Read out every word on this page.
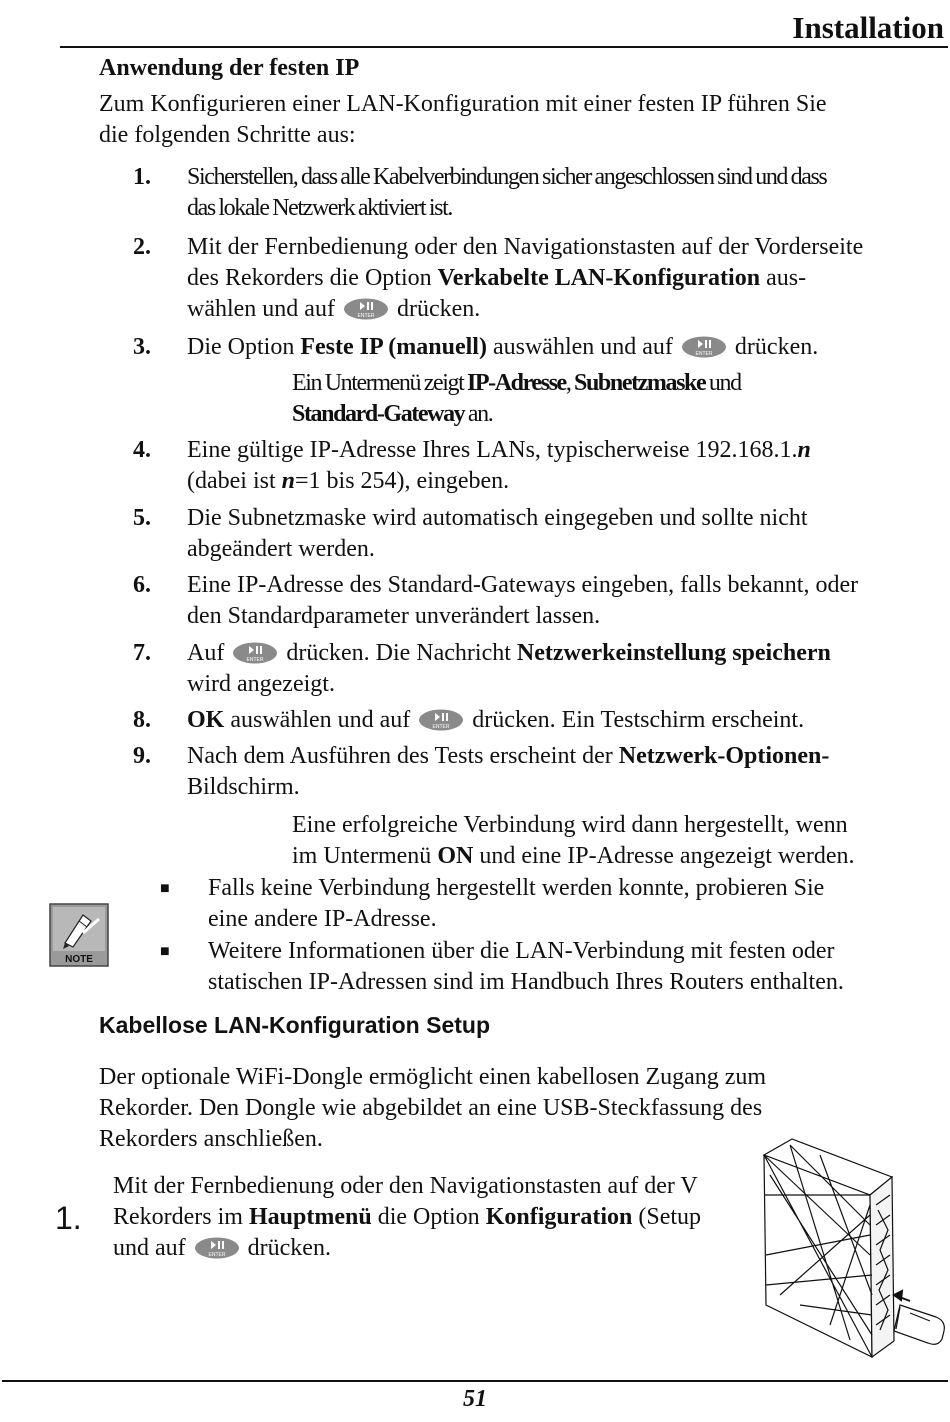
Installation
Anwendung der festen IP
Zum Konfigurieren einer LAN-Konfiguration mit einer festen IP führen Sie
die folgenden Schritte aus:
1.	Sicherstellen, dass alle Kabelverbindungen sicher angeschlossen sind und dass
das lokale Netzwerk aktiviert ist.
2.	Mit der Fernbedienung oder den Navigationstasten auf der Vorderseite
des Rekorders die Option Verkabelte LAN-Konfiguration aus-
wählen und auf	ENTER drücken.
3.	Die Option Feste IP (manuell) auswählen und auf	ENTER drücken.
Ein Untermenü zeigt IP-Adresse, Subnetzmaske und
Standard-Gateway an.
4.	Eine gültige IP-Adresse Ihres LANs, typischerweise 192.168.1.n
(dabei ist n=1 bis 254), eingeben.
5.	Die Subnetzmaske wird automatisch eingegeben und sollte nicht
abgeändert werden.
6.	Eine IP-Adresse des Standard-Gateways eingeben, falls bekannt, oder
den Standardparameter unverändert lassen.
7.	Auf	ENTER drücken. Die Nachricht Netzwerkeinstellung speichern
wird angezeigt.
8.	OK auswählen und auf	ENTER drücken. Ein Testschirm erscheint.
9.	Nach dem Ausführen des Tests erscheint der Netzwerk-Optionen-
Bildschirm.
Eine erfolgreiche Verbindung wird dann hergestellt, wenn
im Untermenü ON und eine IP-Adresse angezeigt werden.
NOTE
■ Falls keine Verbindung hergestellt werden konnte, probieren Sie
eine andere IP-Adresse.
■ Weitere Informationen über die LAN-Verbindung mit festen oder
statischen IP-Adressen sind im Handbuch Ihres Routers enthalten.
Kabellose LAN-Konfiguration Setup
Der optionale WiFi-Dongle ermöglicht einen kabellosen Zugang zum
Rekorder. Den Dongle wie abgebildet an eine USB-Steckfassung des
Rekorders anschließen.
1.
Mit der Fernbedienung oder den Navigationstasten auf der V
Rekorders im Hauptmenü die Option Konfiguration (Setup
und auf	ENTER drücken.
51
